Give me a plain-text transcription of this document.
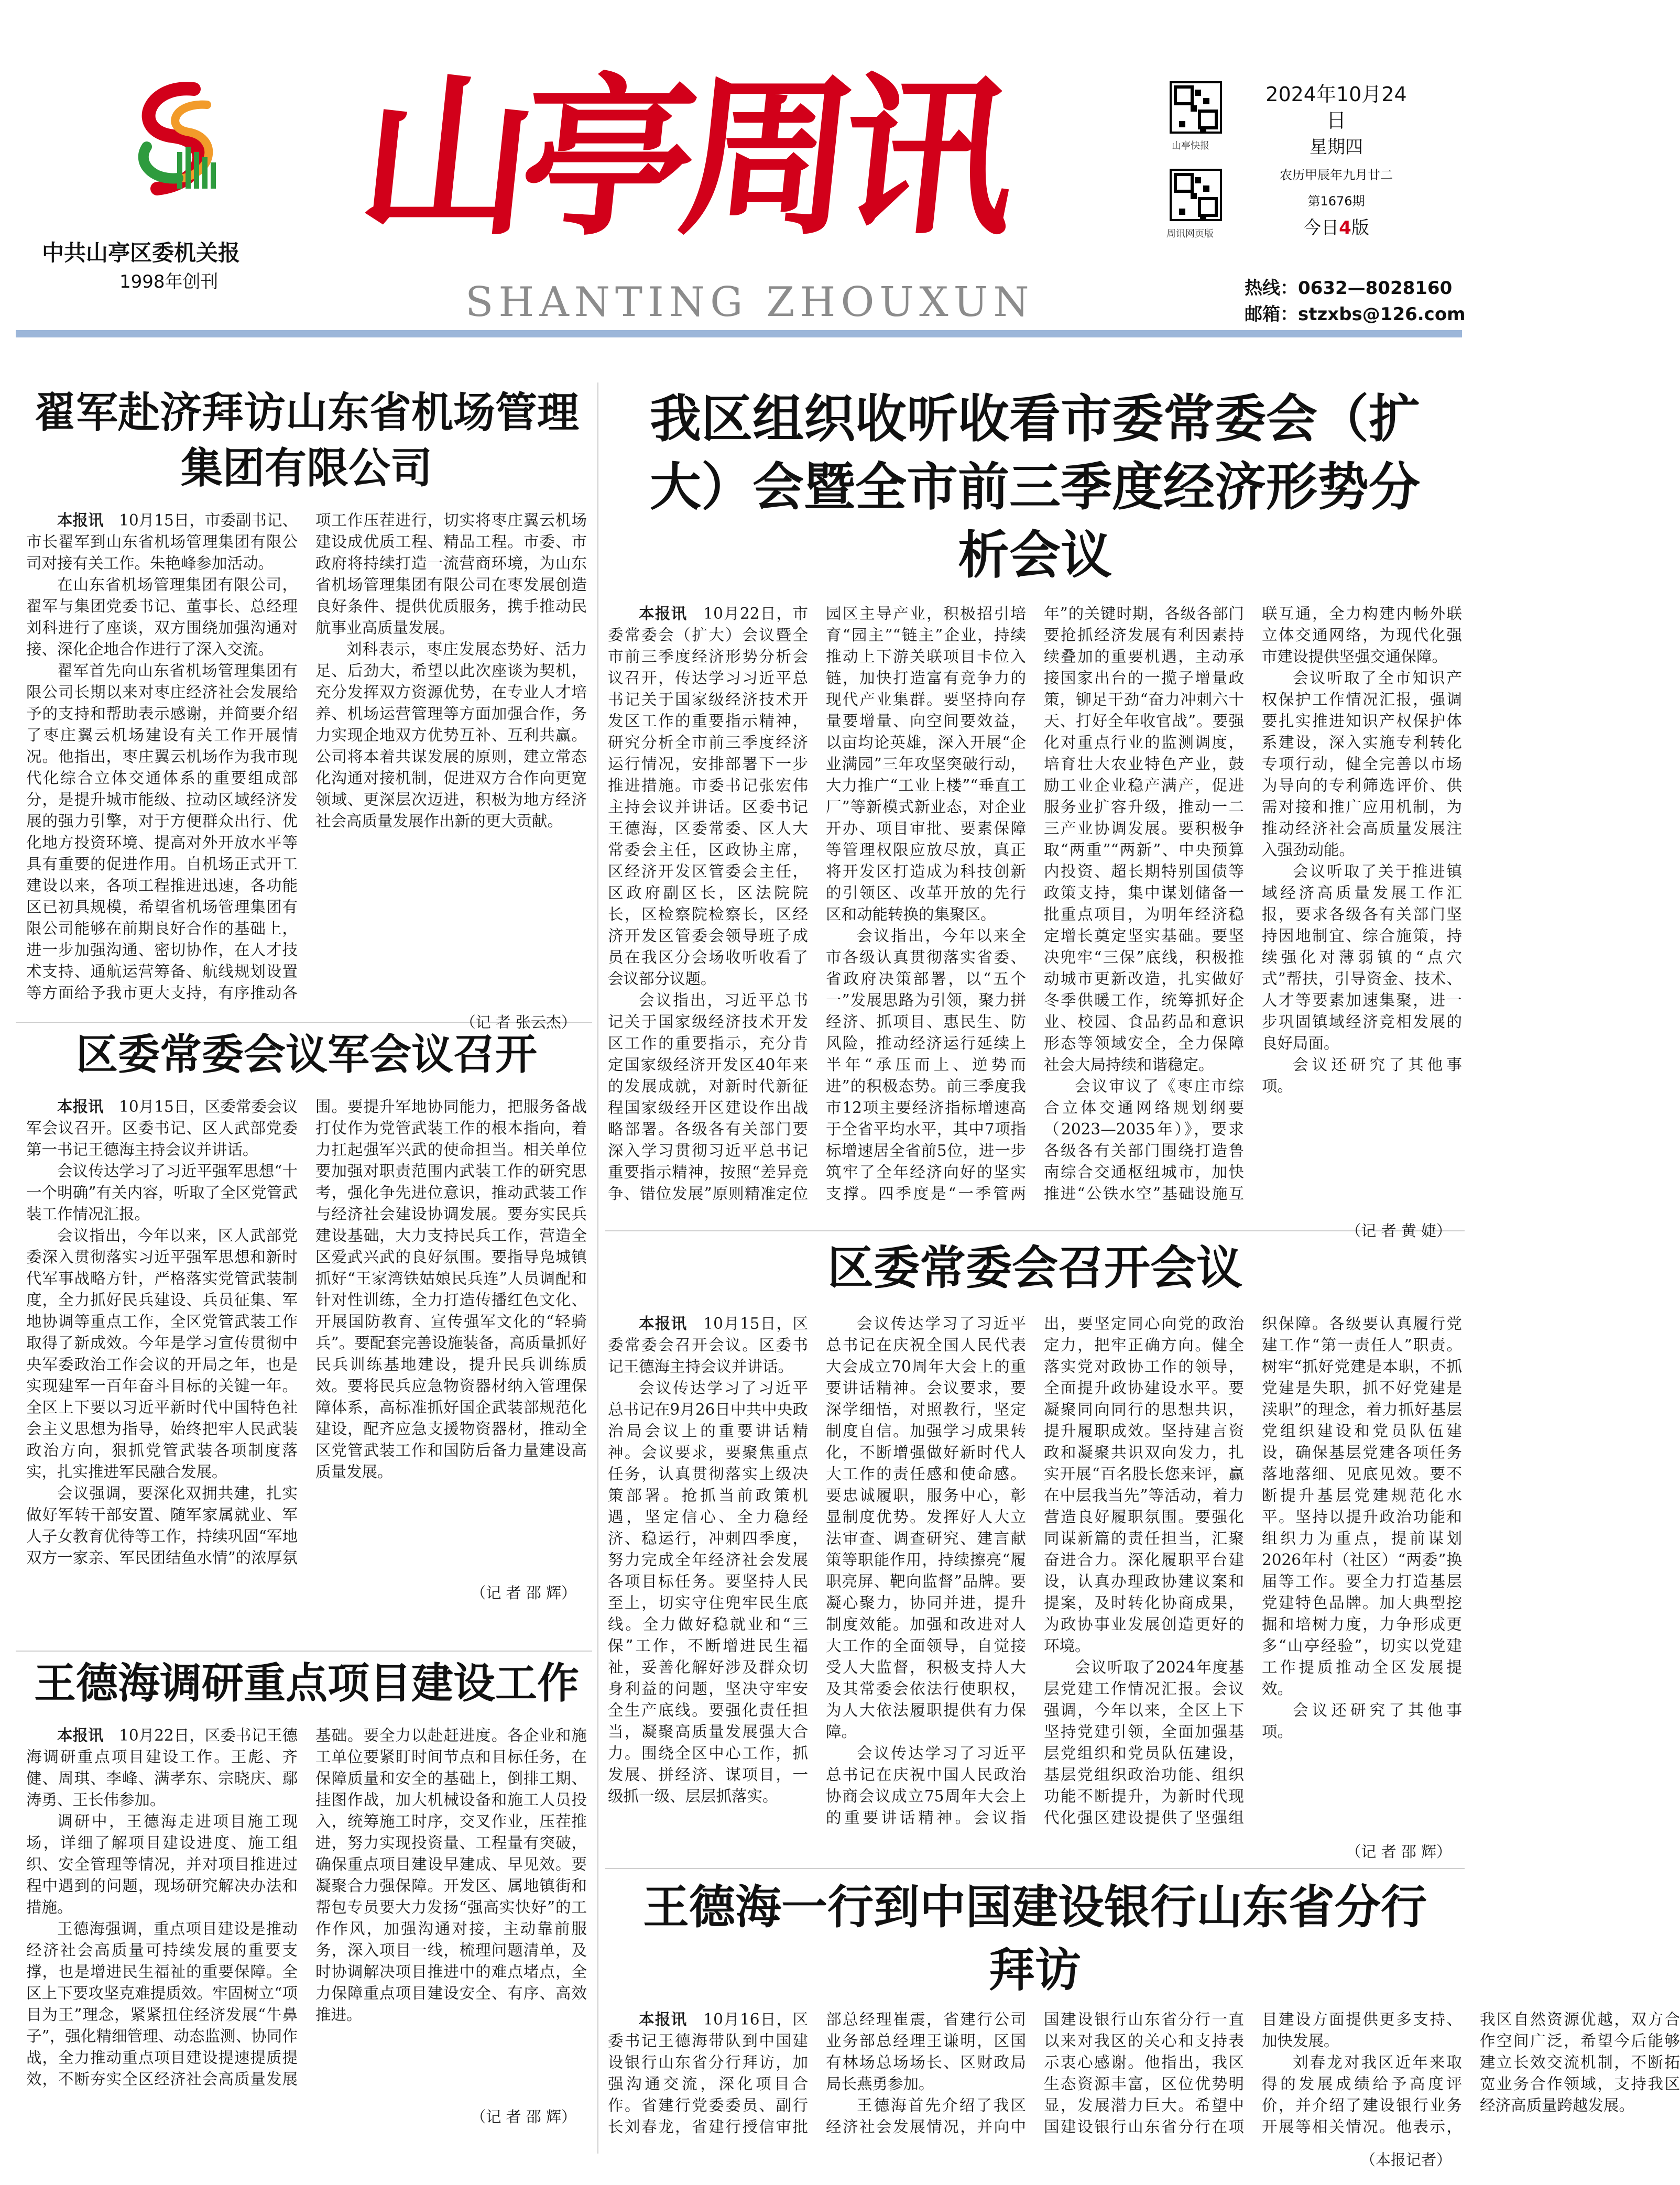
中共山亭区委机关报
1998年创刊
山亭周讯
SHANTING ZHOUXUN
山亭快报
周讯网页版
2024年10月24日
星期四
农历甲辰年九月廿二
第1676期
今日4版
热线：0632—8028160
邮箱：stzxbs@126.com
翟军赴济拜访山东省机场管理集团有限公司

本报讯　 10月15日，市委副书记、市长翟军到山东省机场管理集团有限公司对接有关工作。朱艳峰参加活动。

在山东省机场管理集团有限公司，翟军与集团党委书记、董事长、总经理刘科进行了座谈，双方围绕加强沟通对接、深化企地合作进行了深入交流。

翟军首先向山东省机场管理集团有限公司长期以来对枣庄经济社会发展给予的支持和帮助表示感谢，并简要介绍了枣庄翼云机场建设有关工作开展情况。他指出，枣庄翼云机场作为我市现代化综合立体交通体系的重要组成部分，是提升城市能级、拉动区域经济发展的强力引擎，对于方便群众出行、优化地方投资环境、提高对外开放水平等具有重要的促进作用。自机场正式开工建设以来，各项工程推进迅速，各功能区已初具规模，希望省机场管理集团有限公司能够在前期良好合作的基础上，进一步加强沟通、密切协作，在人才技术支持、通航运营筹备、航线规划设置等方面给予我市更大支持，有序推动各项工作压茬进行，切实将枣庄翼云机场建设成优质工程、精品工程。市委、市政府将持续打造一流营商环境，为山东省机场管理集团有限公司在枣发展创造良好条件、提供优质服务，携手推动民航事业高质量发展。

刘科表示，枣庄发展态势好、活力足、后劲大，希望以此次座谈为契机，充分发挥双方资源优势，在专业人才培养、机场运营管理等方面加强合作，务力实现企地双方优势互补、互利共赢。公司将本着共谋发展的原则，建立常态化沟通对接机制，促进双方合作向更宽领域、更深层次迈进，积极为地方经济社会高质量发展作出新的更大贡献。

（记 者 张云杰）
区委常委会议军会议召开

本报讯　 10月15日，区委常委会议军会议召开。区委书记、区人武部党委第一书记王德海主持会议并讲话。

会议传达学习了习近平强军思想“十一个明确”有关内容，听取了全区党管武装工作情况汇报。

会议指出，今年以来，区人武部党委深入贯彻落实习近平强军思想和新时代军事战略方针，严格落实党管武装制度，全力抓好民兵建设、兵员征集、军地协调等重点工作，全区党管武装工作取得了新成效。今年是学习宣传贯彻中央军委政治工作会议的开局之年，也是实现建军一百年奋斗目标的关键一年。全区上下要以习近平新时代中国特色社会主义思想为指导，始终把牢人民武装政治方向，狠抓党管武装各项制度落实，扎实推进军民融合发展。

会议强调，要深化双拥共建，扎实做好军转干部安置、随军家属就业、军人子女教育优待等工作，持续巩固“军地双方一家亲、军民团结鱼水情”的浓厚氛围。要提升军地协同能力，把服务备战打仗作为党管武装工作的根本指向，着力扛起强军兴武的使命担当。相关单位要加强对职责范围内武装工作的研究思考，强化争先进位意识，推动武装工作与经济社会建设协调发展。要夯实民兵建设基础，大力支持民兵工作，营造全区爱武兴武的良好氛围。要指导凫城镇抓好“王家湾铁姑娘民兵连”人员调配和针对性训练，全力打造传播红色文化、开展国防教育、宣传强军文化的“轻骑兵”。要配套完善设施装备，高质量抓好民兵训练基地建设，提升民兵训练质效。要将民兵应急物资器材纳入管理保障体系，高标准抓好国企武装部规范化建设，配齐应急支援物资器材，推动全区党管武装工作和国防后备力量建设高质量发展。

（记 者 邵 辉）
王德海调研重点项目建设工作

本报讯　 10月22日，区委书记王德海调研重点项目建设工作。王彪、齐健、周琪、李峰、满孝东、宗晓庆、鄢涛勇、王长伟参加。

调研中，王德海走进项目施工现场，详细了解项目建设进度、施工组织、安全管理等情况，并对项目推进过程中遇到的问题，现场研究解决办法和措施。

王德海强调，重点项目建设是推动经济社会高质量可持续发展的重要支撑，也是增进民生福祉的重要保障。全区上下要攻坚克难提质效。牢固树立“项目为王”理念，紧紧扭住经济发展“牛鼻子”，强化精细管理、动态监测、协同作战，全力推动重点项目建设提速提质提效，不断夯实全区经济社会高质量发展基础。要全力以赴赶进度。各企业和施工单位要紧盯时间节点和目标任务，在保障质量和安全的基础上，倒排工期、挂图作战，加大机械设备和施工人员投入，统筹施工时序，交叉作业，压茬推进，努力实现投资量、工程量有突破，确保重点项目建设早建成、早见效。要凝聚合力强保障。开发区、属地镇街和帮包专员要大力发扬“强高实快好”的工作作风，加强沟通对接，主动靠前服务，深入项目一线，梳理问题清单，及时协调解决项目推进中的难点堵点，全力保障重点项目建设安全、有序、高效推进。

（记 者 邵 辉）
我区组织收听收看市委常委会（扩大）会暨全市前三季度经济形势分析会议

本报讯　 10月22日，市委常委会（扩大）会议暨全市前三季度经济形势分析会议召开，传达学习习近平总书记关于国家级经济技术开发区工作的重要指示精神，研究分析全市前三季度经济运行情况，安排部署下一步推进措施。市委书记张宏伟主持会议并讲话。区委书记王德海，区委常委、区人大常委会主任，区政协主席，区经济开发区管委会主任，区政府副区长，区法院院长，区检察院检察长，区经济开发区管委会领导班子成员在我区分会场收听收看了会议部分议题。

会议指出，习近平总书记关于国家级经济技术开发区工作的重要指示，充分肯定国家级经济开发区40年来的发展成就，对新时代新征程国家级经开区建设作出战略部署。各级各有关部门要深入学习贯彻习近平总书记重要指示精神，按照“差异竞争、错位发展”原则精准定位园区主导产业，积极招引培育“园主”“链主”企业，持续推动上下游关联项目卡位入链，加快打造富有竞争力的现代产业集群。要坚持向存量要增量、向空间要效益，以亩均论英雄，深入开展“企业满园”三年攻坚突破行动，大力推广“工业上楼”“垂直工厂”等新模式新业态，对企业开办、项目审批、要素保障等管理权限应放尽放，真正将开发区打造成为科技创新的引领区、改革开放的先行区和动能转换的集聚区。

会议指出，今年以来全市各级认真贯彻落实省委、省政府决策部署，以“五个一”发展思路为引领，聚力拼经济、抓项目、惠民生、防风险，推动经济运行延续上半年“承压而上、逆势而进”的积极态势。前三季度我市12项主要经济指标增速高于全省平均水平，其中7项指标增速居全省前5位，进一步筑牢了全年经济向好的坚实支撑。四季度是“一季管两年”的关键时期，各级各部门要抢抓经济发展有利因素持续叠加的重要机遇，主动承接国家出台的一揽子增量政策，铆足干劲“奋力冲刺六十天、打好全年收官战”。要强化对重点行业的监测调度，培育壮大农业特色产业，鼓励工业企业稳产满产，促进服务业扩容升级，推动一二三产业协调发展。要积极争取“两重”“两新”、中央预算内投资、超长期特别国债等政策支持，集中谋划储备一批重点项目，为明年经济稳定增长奠定坚实基础。要坚决兜牢“三保”底线，积极推动城市更新改造，扎实做好冬季供暖工作，统筹抓好企业、校园、食品药品和意识形态等领域安全，全力保障社会大局持续和谐稳定。

会议审议了《枣庄市综合立体交通网络规划纲要（2023—2035年）》，要求各级各有关部门围绕打造鲁南综合交通枢纽城市，加快推进“公铁水空”基础设施互联互通，全力构建内畅外联立体交通网络，为现代化强市建设提供坚强交通保障。

会议听取了全市知识产权保护工作情况汇报，强调要扎实推进知识产权保护体系建设，深入实施专利转化专项行动，健全完善以市场为导向的专利筛选评价、供需对接和推广应用机制，为推动经济社会高质量发展注入强劲动能。

会议听取了关于推进镇域经济高质量发展工作汇报，要求各级各有关部门坚持因地制宜、综合施策，持续强化对薄弱镇的“点穴式”帮扶，引导资金、技术、人才等要素加速集聚，进一步巩固镇域经济竞相发展的良好局面。

会议还研究了其他事项。

（记 者 黄 婕）
区委常委会召开会议

本报讯　 10月15日，区委常委会召开会议。区委书记王德海主持会议并讲话。

会议传达学习了习近平总书记在9月26日中共中央政治局会议上的重要讲话精神。会议要求，要聚焦重点任务，认真贯彻落实上级决策部署。抢抓当前政策机遇，坚定信心、全力稳经济、稳运行，冲刺四季度，努力完成全年经济社会发展各项目标任务。要坚持人民至上，切实守住兜牢民生底线。全力做好稳就业和“三保”工作，不断增进民生福祉，妥善化解好涉及群众切身利益的问题，坚决守牢安全生产底线。要强化责任担当，凝聚高质量发展强大合力。围绕全区中心工作，抓发展、拼经济、谋项目，一级抓一级、层层抓落实。

会议传达学习了习近平总书记在庆祝全国人民代表大会成立70周年大会上的重要讲话精神。会议要求，要深学细悟，对照教行，坚定制度自信。加强学习成果转化，不断增强做好新时代人大工作的责任感和使命感。要忠诚履职，服务中心，彰显制度优势。发挥好人大立法审查、调查研究、建言献策等职能作用，持续擦亮“履职亮屏、靶向监督”品牌。要凝心聚力，协同并进，提升制度效能。加强和改进对人大工作的全面领导，自觉接受人大监督，积极支持人大及其常委会依法行使职权，为人大依法履职提供有力保障。

会议传达学习了习近平总书记在庆祝中国人民政治协商会议成立75周年大会上的重要讲话精神。会议指出，要坚定同心向党的政治定力，把牢正确方向。健全落实党对政协工作的领导，全面提升政协建设水平。要凝聚同向同行的思想共识，提升履职成效。坚持建言资政和凝聚共识双向发力，扎实开展“百名股长您来评，赢在中层我当先”等活动，着力营造良好履职氛围。要强化同谋新篇的责任担当，汇聚奋进合力。深化履职平台建设，认真办理政协建议案和提案，及时转化协商成果，为政协事业发展创造更好的环境。

会议听取了2024年度基层党建工作情况汇报。会议强调，今年以来，全区上下坚持党建引领，全面加强基层党组织和党员队伍建设，基层党组织政治功能、组织功能不断提升，为新时代现代化强区建设提供了坚强组织保障。各级要认真履行党建工作“第一责任人”职责。树牢“抓好党建是本职，不抓党建是失职，抓不好党建是渎职”的理念，着力抓好基层党组织建设和党员队伍建设，确保基层党建各项任务落地落细、见底见效。要不断提升基层党建规范化水平。坚持以提升政治功能和组织力为重点，提前谋划2026年村（社区）“两委”换届等工作。要全力打造基层党建特色品牌。加大典型挖掘和培树力度，力争形成更多“山亭经验”，切实以党建工作提质推动全区发展提效。

会议还研究了其他事项。

（记 者 邵 辉）
王德海一行到中国建设银行山东省分行拜访

本报讯　 10月16日，区委书记王德海带队到中国建设银行山东省分行拜访，加强沟通交流，深化项目合作。省建行党委委员、副行长刘春龙，省建行授信审批部总经理崔震，省建行公司业务部总经理王谦明，区国有林场总场场长、区财政局局长燕勇参加。

王德海首先介绍了我区经济社会发展情况，并向中国建设银行山东省分行一直以来对我区的关心和支持表示衷心感谢。他指出，我区生态资源丰富，区位优势明显，发展潜力巨大。希望中国建设银行山东省分行在项目建设方面提供更多支持、加快发展。

刘春龙对我区近年来取得的发展成绩给予高度评价，并介绍了建设银行业务开展等相关情况。他表示，我区自然资源优越，双方合作空间广泛，希望今后能够建立长效交流机制，不断拓宽业务合作领域，支持我区经济高质量跨越发展。

（本报记者）
